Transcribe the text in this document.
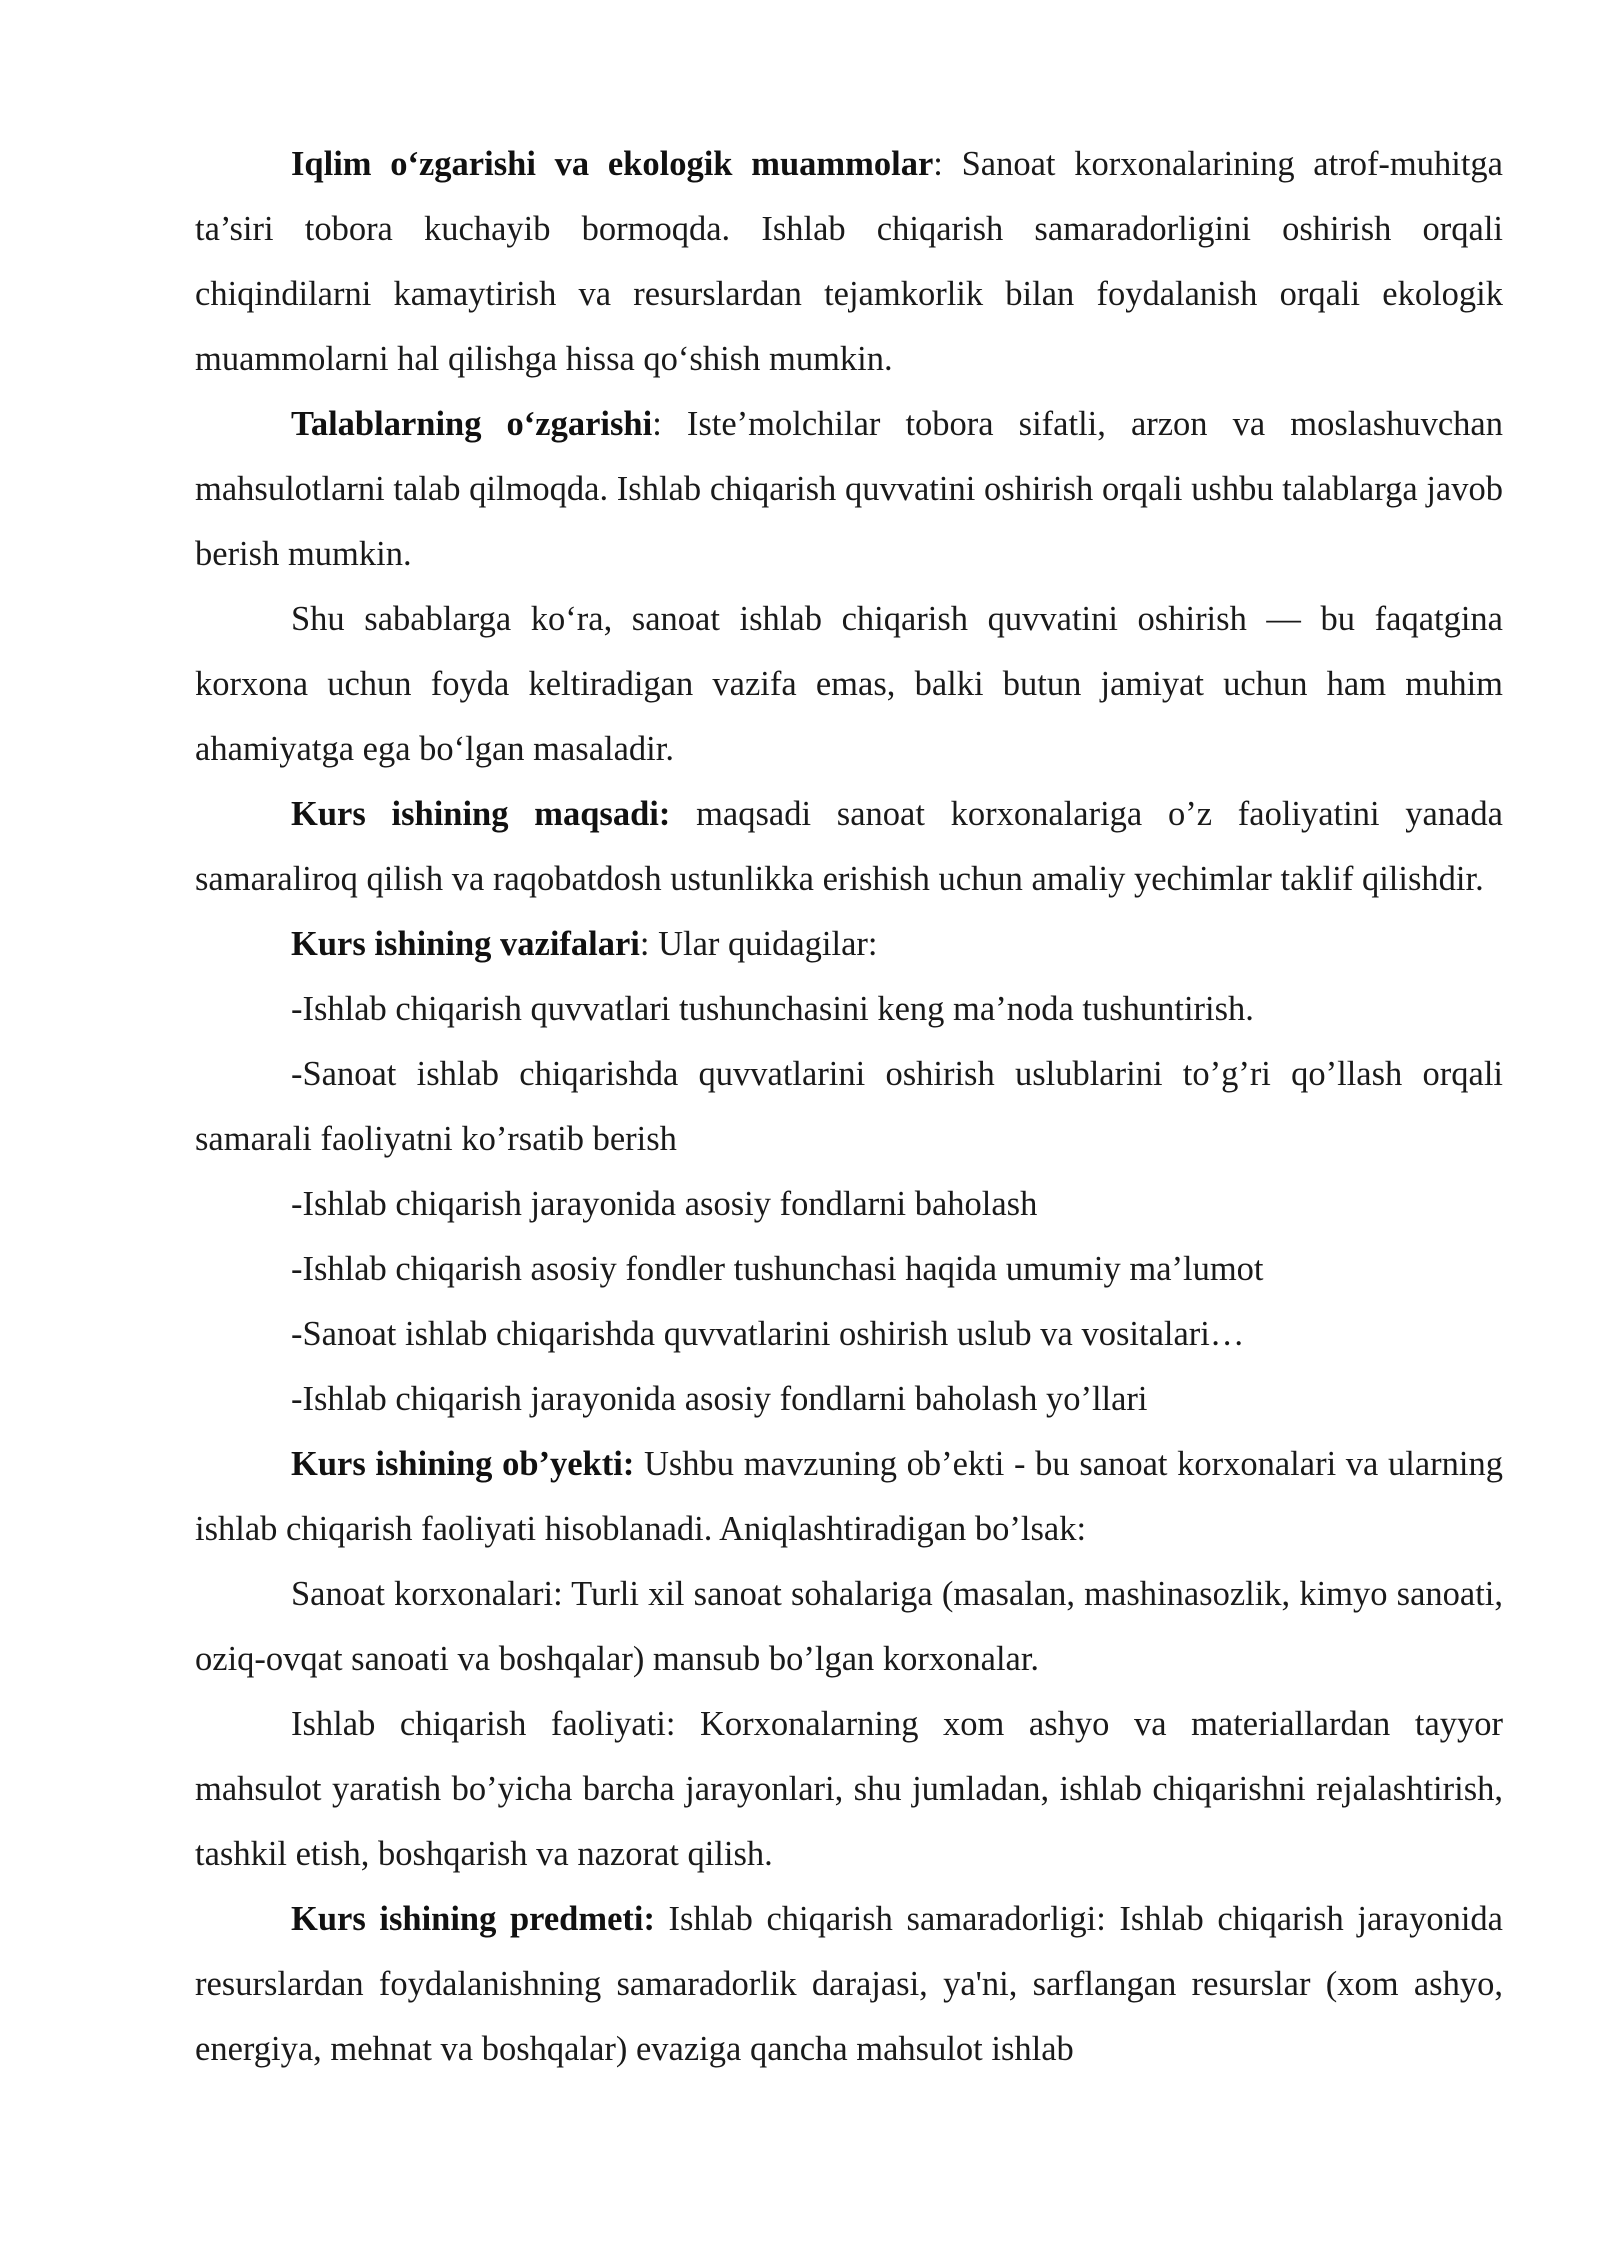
Iqlim o‘zgarishi va ekologik muammolar: Sanoat korxonalarining atrof-muhitga ta’siri tobora kuchayib bormoqda. Ishlab chiqarish samaradorligini oshirish orqali chiqindilarni kamaytirish va resurslardan tejamkorlik bilan foydalanish orqali ekologik muammolarni hal qilishga hissa qo‘shish mumkin.

Talablarning o‘zgarishi: Iste’molchilar tobora sifatli, arzon va moslashuvchan mahsulotlarni talab qilmoqda. Ishlab chiqarish quvvatini oshirish orqali ushbu talablarga javob berish mumkin.

Shu sabablarga ko‘ra, sanoat ishlab chiqarish quvvatini oshirish — bu faqatgina korxona uchun foyda keltiradigan vazifa emas, balki butun jamiyat uchun ham muhim ahamiyatga ega bo‘lgan masaladir.

Kurs ishining maqsadi: maqsadi sanoat korxonalariga o’z faoliyatini yanada samaraliroq qilish va raqobatdosh ustunlikka erishish uchun amaliy yechimlar taklif qilishdir.

Kurs ishining vazifalari: Ular quidagilar:

-Ishlab chiqarish quvvatlari tushunchasini keng ma’noda tushuntirish.

-Sanoat ishlab chiqarishda quvvatlarini oshirish uslublarini to’g’ri qo’llash orqali samarali faoliyatni ko’rsatib berish

-Ishlab chiqarish jarayonida asosiy fondlarni baholash

-Ishlab chiqarish asosiy fondler tushunchasi haqida umumiy ma’lumot

-Sanoat ishlab chiqarishda quvvatlarini oshirish uslub va vositalari…

-Ishlab chiqarish jarayonida asosiy fondlarni baholash yo’llari

Kurs ishining ob’yekti: Ushbu mavzuning ob’ekti - bu sanoat korxonalari va ularning ishlab chiqarish faoliyati hisoblanadi. Aniqlashtiradigan bo’lsak:

Sanoat korxonalari: Turli xil sanoat sohalariga (masalan, mashinasozlik, kimyo sanoati, oziq-ovqat sanoati va boshqalar) mansub bo’lgan korxonalar.

Ishlab chiqarish faoliyati: Korxonalarning xom ashyo va materiallardan tayyor mahsulot yaratish bo’yicha barcha jarayonlari, shu jumladan, ishlab chiqarishni rejalashtirish, tashkil etish, boshqarish va nazorat qilish.

Kurs ishining predmeti: Ishlab chiqarish samaradorligi: Ishlab chiqarish jarayonida resurslardan foydalanishning samaradorlik darajasi, ya'ni, sarflangan resurslar (xom ashyo, energiya, mehnat va boshqalar) evaziga qancha mahsulot ishlab
